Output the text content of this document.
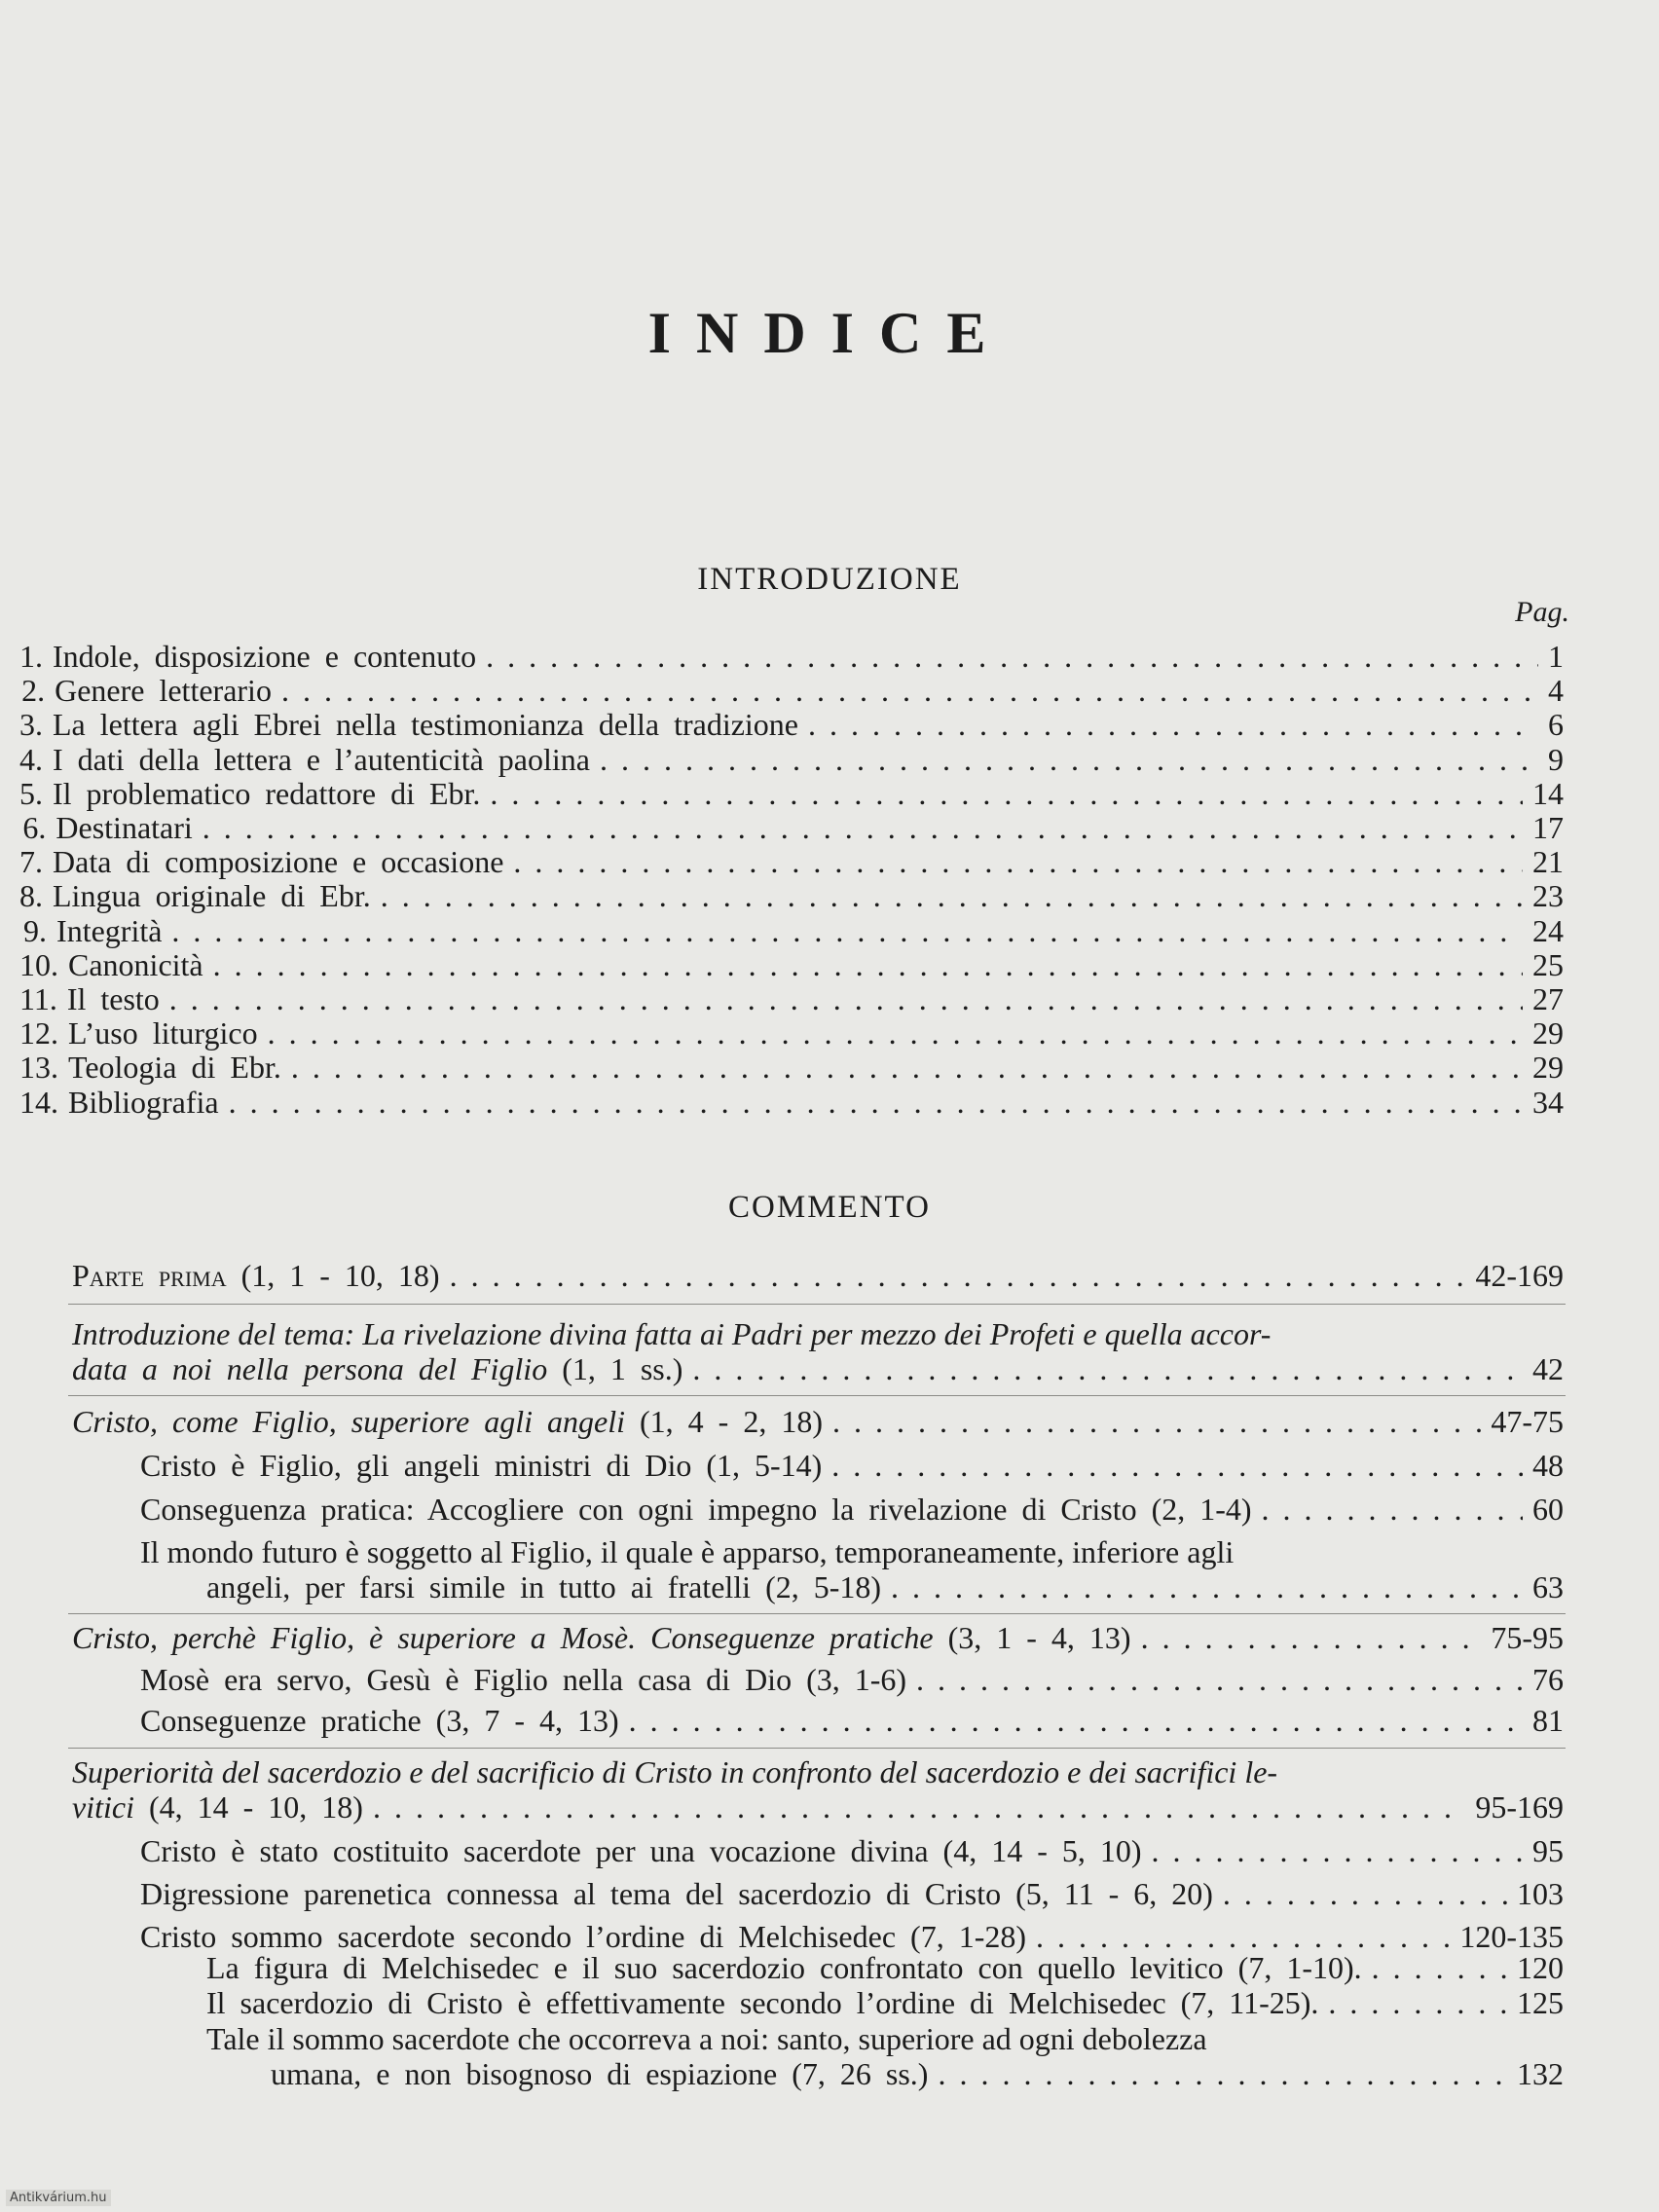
INDICE
INTRODUZIONE
Pag.
1. Indole, disposizione e contenuto . . .	1
2. Genere letterario . . .	4
3. La lettera agli Ebrei nella testimonianza della tradizione . . .	6
4. I dati della lettera e l’autenticità paolina . . .	9
5. Il problematico redattore di Ebr. . . .	14
6. Destinatari . . .	17
7. Data di composizione e occasione . . .	21
8. Lingua originale di Ebr. . . .	23
9. Integrità . . .	24
10. Canonicità . . .	25
11. Il testo . . .	27
12. L’uso liturgico . . .	29
13. Teologia di Ebr. . . .	29
14. Bibliografia . . .	34
COMMENTO
Parte prima (1, 1 - 10, 18) . . .	42-169
Introduzione del tema: La rivelazione divina fatta ai Padri per mezzo dei Profeti e quella accor-
data a noi nella persona del Figlio (1, 1 ss.) . . .	42
Cristo, come Figlio, superiore agli angeli (1, 4 - 2, 18) . . .	47-75
Cristo è Figlio, gli angeli ministri di Dio (1, 5-14) . . .	48
Conseguenza pratica: Accogliere con ogni impegno la rivelazione di Cristo (2, 1-4) . . .	60
Il mondo futuro è soggetto al Figlio, il quale è apparso, temporaneamente, inferiore agli
angeli, per farsi simile in tutto ai fratelli (2, 5-18) . . .	63
Cristo, perchè Figlio, è superiore a Mosè. Conseguenze pratiche (3, 1 - 4, 13) . . .	75-95
Mosè era servo, Gesù è Figlio nella casa di Dio (3, 1-6) . . .	76
Conseguenze pratiche (3, 7 - 4, 13) . . .	81
Superiorità del sacerdozio e del sacrificio di Cristo in confronto del sacerdozio e dei sacrifici le-
vitici (4, 14 - 10, 18) . . .	95-169
Cristo è stato costituito sacerdote per una vocazione divina (4, 14 - 5, 10) . . .	95
Digressione parenetica connessa al tema del sacerdozio di Cristo (5, 11 - 6, 20) . . .	103
Cristo sommo sacerdote secondo l’ordine di Melchisedec (7, 1-28) . . .	120-135
La figura di Melchisedec e il suo sacerdozio confrontato con quello levitico (7, 1-10). . . .	120
Il sacerdozio di Cristo è effettivamente secondo l’ordine di Melchisedec (7, 11-25). . . .	125
Tale il sommo sacerdote che occorreva a noi: santo, superiore ad ogni debolezza
umana, e non bisognoso di espiazione (7, 26 ss.) . . .	132
Antikvárium.hu
